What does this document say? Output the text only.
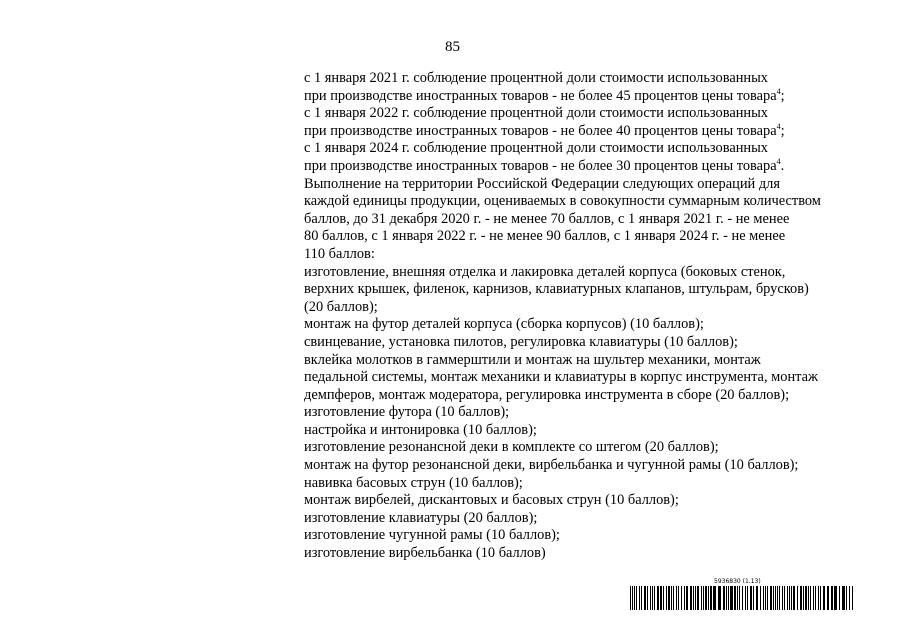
85
с 1 января 2021 г. соблюдение процентной доли стоимости использованных
при производстве иностранных товаров - не более 45 процентов цены товара$^4$;
с 1 января 2022 г. соблюдение процентной доли стоимости использованных
при производстве иностранных товаров - не более 40 процентов цены товара$^4$;
с 1 января 2024 г. соблюдение процентной доли стоимости использованных
при производстве иностранных товаров - не более 30 процентов цены товара$^4$.
Выполнение на территории Российской Федерации следующих операций для
каждой единицы продукции, оцениваемых в совокупности суммарным количеством
баллов, до 31 декабря 2020 г. - не менее 70 баллов, с 1 января 2021 г. - не менее
80 баллов, с 1 января 2022 г. - не менее 90 баллов, с 1 января 2024 г. - не менее
110 баллов:
изготовление, внешняя отделка и лакировка деталей корпуса (боковых стенок,
верхних крышек, филенок, карнизов, клавиатурных клапанов, штульрам, брусков)
(20 баллов);
монтаж на футор деталей корпуса (сборка корпусов) (10 баллов);
свинцевание, установка пилотов, регулировка клавиатуры (10 баллов);
вклейка молотков в гаммерштили и монтаж на шультер механики, монтаж
педальной системы, монтаж механики и клавиатуры в корпус инструмента, монтаж
демпферов, монтаж модератора, регулировка инструмента в сборе (20 баллов);
изготовление футора (10 баллов);
настройка и интонировка (10 баллов);
изготовление резонансной деки в комплекте со штегом (20 баллов);
монтаж на футор резонансной деки, вирбельбанка и чугунной рамы (10 баллов);
навивка басовых струн (10 баллов);
монтаж вирбелей, дискантовых и басовых струн (10 баллов);
изготовление клавиатуры (20 баллов);
изготовление чугунной рамы (10 баллов);
изготовление вирбельбанка (10 баллов)
5936830 (1.13)
